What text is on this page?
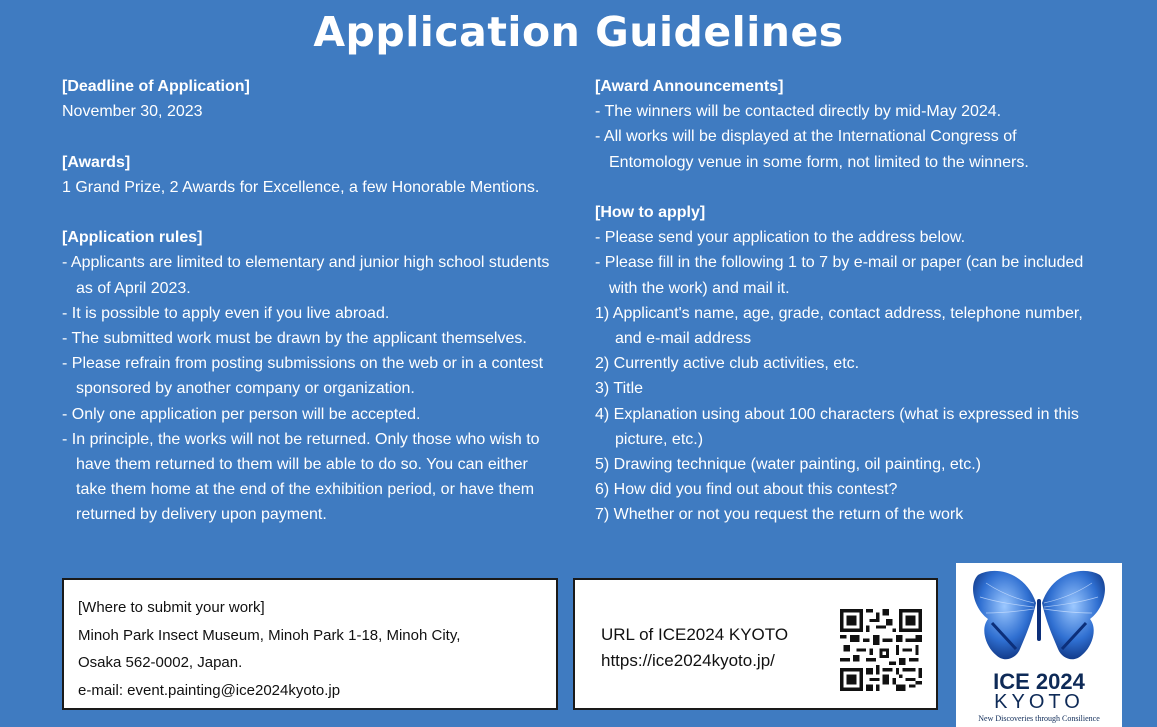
Application Guidelines
[Deadline of Application]
November 30, 2023
[Awards]
1 Grand Prize, 2 Awards for Excellence, a few Honorable Mentions.
[Application rules]
- Applicants are limited to elementary and junior high school students as of April 2023.
- It is possible to apply even if you live abroad.
- The submitted work must be drawn by the applicant themselves.
- Please refrain from posting submissions on the web or in a contest sponsored by another company or organization.
- Only one application per person will be accepted.
- In principle, the works will not be returned. Only those who wish to have them returned to them will be able to do so. You can either take them home at the end of the exhibition period, or have them returned by delivery upon payment.
[Award Announcements]
- The winners will be contacted directly by mid-May 2024.
- All works will be displayed at the International Congress of Entomology venue in some form, not limited to the winners.
[How to apply]
- Please send your application to the address below.
- Please fill in the following 1 to 7 by e-mail or paper (can be included with the work) and mail it.
1) Applicant's name, age, grade, contact address, telephone number, and e-mail address
2) Currently active club activities, etc.
3) Title
4) Explanation using about 100 characters (what is expressed in this picture, etc.)
5) Drawing technique (water painting, oil painting, etc.)
6) How did you find out about this contest?
7) Whether or not you request the return of the work
[Where to submit your work]
Minoh Park Insect Museum, Minoh Park 1-18, Minoh City,
Osaka 562-0002, Japan.
e-mail: event.painting@ice2024kyoto.jp
URL of ICE2024 KYOTO
https://ice2024kyoto.jp/
ICE 2024
KYOTO
New Discoveries through Consilience
